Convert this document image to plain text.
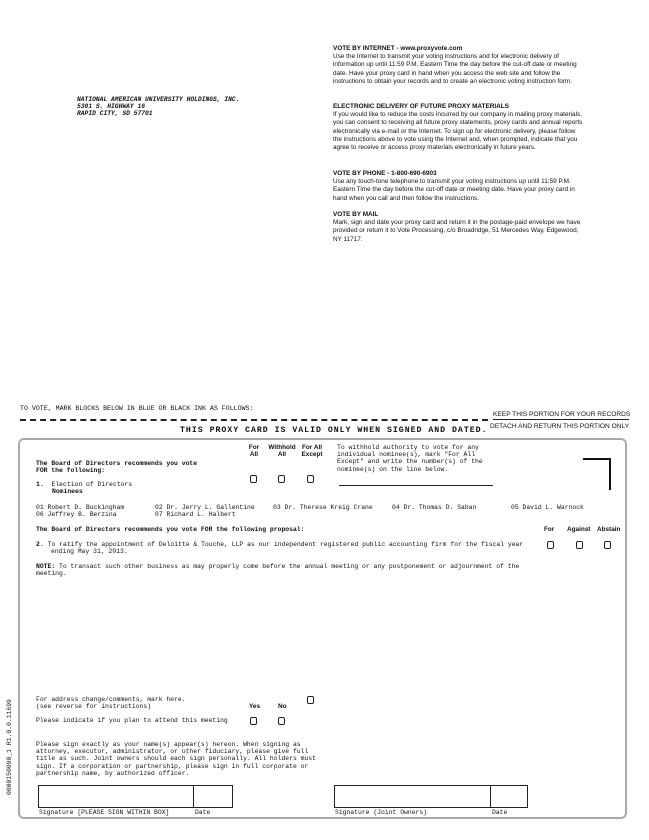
NATIONAL AMERICAN UNIVERSITY HOLDINGS, INC.
5301 S. HIGHWAY 16
RAPID CITY, SD 57701
VOTE BY INTERNET - www.proxyvote.com
Use the Internet to transmit your voting instructions and for electronic delivery of information up until 11:59 P.M. Eastern Time the day before the cut-off date or meeting date. Have your proxy card in hand when you access the web site and follow the instructions to obtain your records and to create an electronic voting instruction form.
ELECTRONIC DELIVERY OF FUTURE PROXY MATERIALS
If you would like to reduce the costs incurred by our company in mailing proxy materials, you can consent to receiving all future proxy statements, proxy cards and annual reports electronically via e-mail or the Internet. To sign up for electronic delivery, please follow the instructions above to vote using the Internet and, when prompted, indicate that you agree to receive or access proxy materials electronically in future years.
VOTE BY PHONE - 1-800-690-6903
Use any touch-tone telephone to transmit your voting instructions up until 11:59 P.M. Eastern Time the day before the cut-off date or meeting date. Have your proxy card in hand when you call and then follow the instructions.
VOTE BY MAIL
Mark, sign and date your proxy card and return it in the postage-paid envelope we have provided or return it to Vote Processing, c/o Broadridge, 51 Mercedes Way, Edgewood, NY 11717.
TO VOTE, MARK BLOCKS BELOW IN BLUE OR BLACK INK AS FOLLOWS:
KEEP THIS PORTION FOR YOUR RECORDS
DETACH AND RETURN THIS PORTION ONLY
THIS PROXY CARD IS VALID ONLY WHEN SIGNED AND DATED.
For
All
Withhold
All
For All
Except
To withhold authority to vote for any
individual nominee(s), mark "For All
Except" and write the number(s) of the
nominee(s) on the line below.
The Board of Directors recommends you vote
FOR the following:
1. Election of Directors
Nominees
01 Robert D. Buckingham	02 Dr. Jerry L. Gallentine	03 Dr. Therese Kreig Crane	04 Dr. Thomas D. Saban	05 David L. Warnock
06 Jeffrey B. Berzina	07 Richard L. Halbert
The Board of Directors recommends you vote FOR the following proposal:	For Against Abstain
2. To ratify the appointment of Deloitte & Touche, LLP as our independent registered public accounting firm for the fiscal year
ending May 31, 2013.
NOTE: To transact such other business as may properly come before the annual meeting or any postponement or adjournment of the
meeting.
For address change/comments, mark here.
(see reverse for instructions)	Yes	No
Please indicate if you plan to attend this meeting
Please sign exactly as your name(s) appear(s) hereon. When signing as
attorney, executor, administrator, or other fiduciary, please give full
title as such. Joint owners should each sign personally. All holders must
sign. If a corporation or partnership, please sign in full corporate or
partnership name, by authorized officer.
Signature [PLEASE SIGN WITHIN BOX]	Date	Signature (Joint Owners)	Date
0000150090_1 R1.0.0.11699
